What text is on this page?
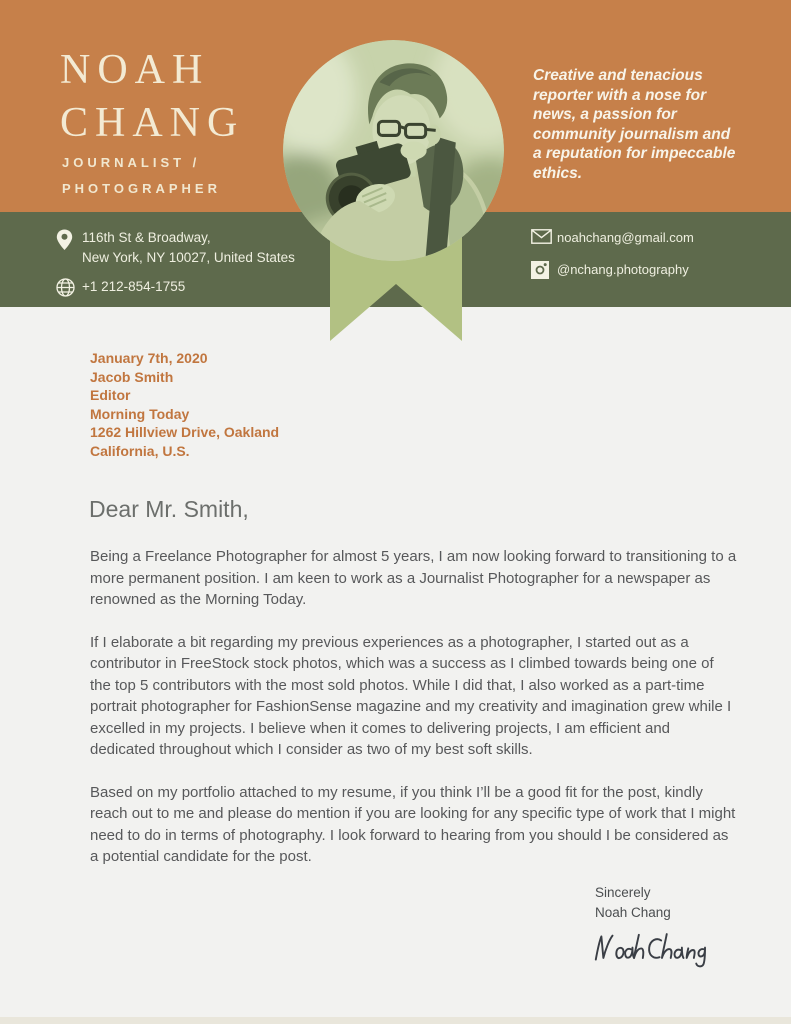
NOAH
CHANG
JOURNALIST /
PHOTOGRAPHER
Creative and tenacious
reporter with a nose for
news, a passion for
community journalism and
a reputation for impeccable
ethics.
116th St & Broadway,
New York, NY 10027, United States
+1 212-854-1755
noahchang@gmail.com
@nchang.photography
January 7th, 2020
Jacob Smith
Editor
Morning Today
1262 Hillview Drive, Oakland
California, U.S.
Dear Mr. Smith,

Being a Freelance Photographer for almost 5 years, I am now looking forward to transitioning to a more permanent position. I am keen to work as a Journalist Photographer for a newspaper as renowned as the Morning Today.

If I elaborate a bit regarding my previous experiences as a photographer, I started out as a contributor in FreeStock stock photos, which was a success as I climbed towards being one of the top 5 contributors with the most sold photos. While I did that, I also worked as a part-time portrait photographer for FashionSense magazine and my creativity and imagination grew while I excelled in my projects. I believe when it comes to delivering projects, I am efficient and dedicated throughout which I consider as two of my best soft skills.

Based on my portfolio attached to my resume, if you think I’ll be a good fit for the post, kindly reach out to me and please do mention if you are looking for any specific type of work that I might need to do in terms of photography. I look forward to hearing from you should I be considered as a potential candidate for the post.

Sincerely
Noah Chang
